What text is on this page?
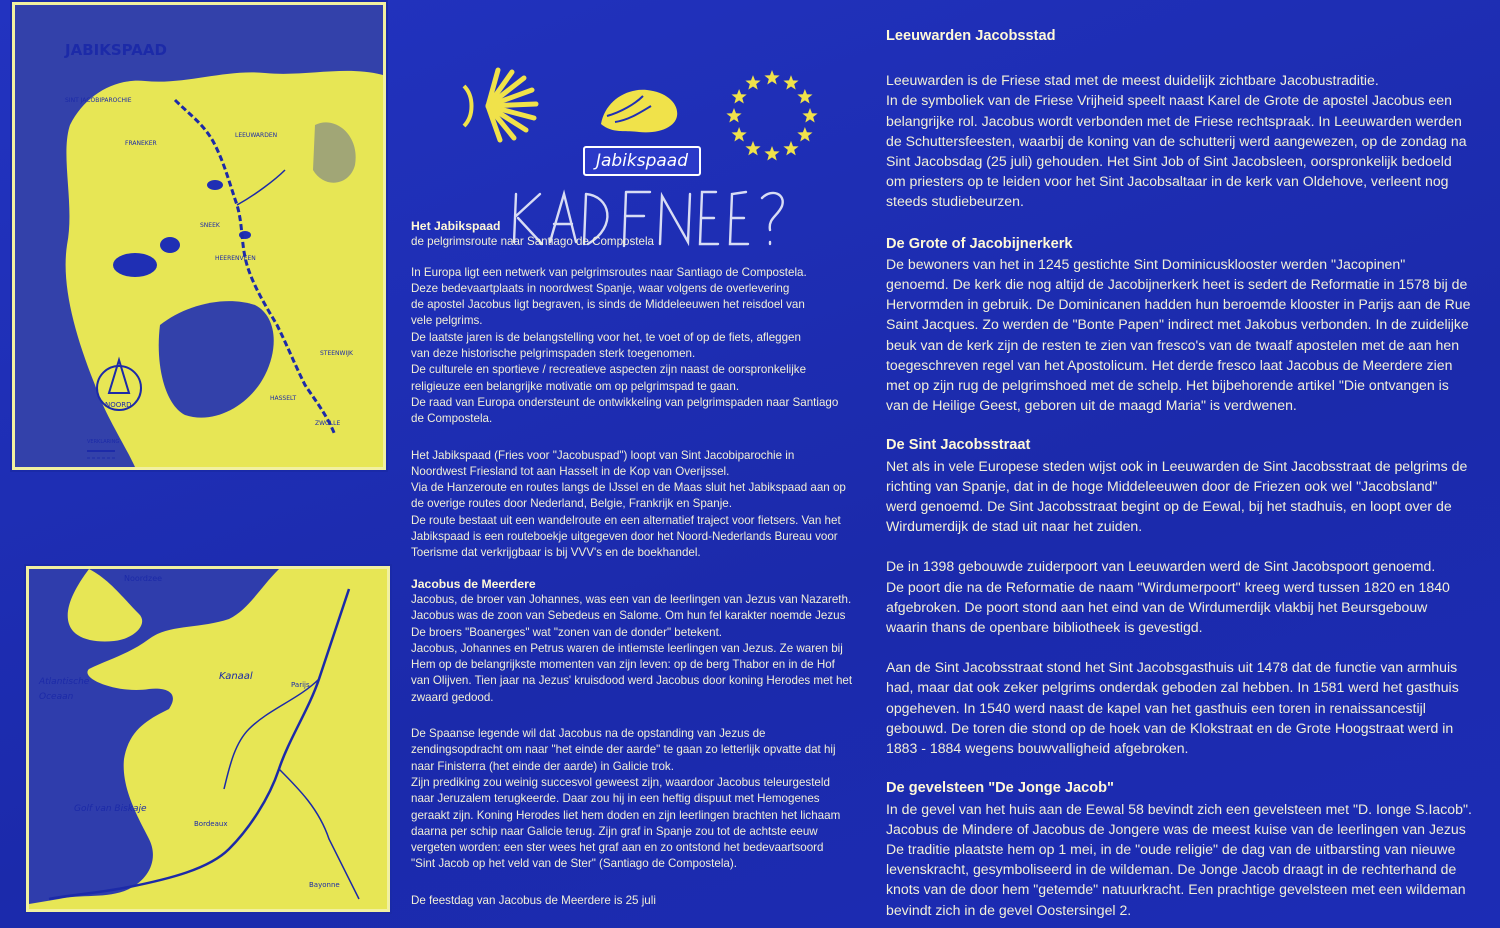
JABIKSPAAD
SINT JACOBIPAROCHIE
LEEUWARDEN
FRANEKER
SNEEK
HEERENVEEN
STEENWIJK
ZWOLLE
HASSELT
NOORD
VERKLARING
Noordzee
Kanaal
Atlantische
Oceaan
Golf van Biskaje
Parijs
Bordeaux
Bayonne
Jabikspaad

Het Jabikspaad

de pelgrimsroute naar Santiago de Compostela

In Europa ligt een netwerk van pelgrimsroutes naar Santiago de Compostela.
Deze bedevaartplaats in noordwest Spanje, waar volgens de overlevering
de apostel Jacobus ligt begraven, is sinds de Middeleeuwen het reisdoel van
vele pelgrims.
De laatste jaren is de belangstelling voor het, te voet of op de fiets, afleggen
van deze historische pelgrimspaden sterk toegenomen.
De culturele en sportieve / recreatieve aspecten zijn naast de oorspronkelijke
religieuze een belangrijke motivatie om op pelgrimspad te gaan.
De raad van Europa ondersteunt de ontwikkeling van pelgrimspaden naar Santiago
de Compostela.
Het Jabikspaad (Fries voor "Jacobuspad") loopt van Sint Jacobiparochie in
Noordwest Friesland tot aan Hasselt in de Kop van Overijssel.
Via de Hanzeroute en routes langs de IJssel en de Maas sluit het Jabikspaad aan op
de overige routes door Nederland, Belgie, Frankrijk en Spanje.
De route bestaat uit een wandelroute en een alternatief traject voor fietsers. Van het
Jabikspaad is een routeboekje uitgegeven door het Noord-Nederlands Bureau voor
Toerisme dat verkrijgbaar is bij VVV's en de boekhandel.

Jacobus de Meerdere

Jacobus, de broer van Johannes, was een van de leerlingen van Jezus van Nazareth.
Jacobus was de zoon van Sebedeus en Salome. Om hun fel karakter noemde Jezus
De broers "Boanerges" wat "zonen van de donder" betekent.
Jacobus, Johannes en Petrus waren de intiemste leerlingen van Jezus. Ze waren bij
Hem op de belangrijkste momenten van zijn leven: op de berg Thabor en in de Hof
van Olijven. Tien jaar na Jezus' kruisdood werd Jacobus door koning Herodes met het
zwaard gedood.
De Spaanse legende wil dat Jacobus na de opstanding van Jezus de
zendingsopdracht om naar "het einde der aarde" te gaan zo letterlijk opvatte dat hij
naar Finisterra (het einde der aarde) in Galicie trok.
Zijn prediking zou weinig succesvol geweest zijn, waardoor Jacobus teleurgesteld
naar Jeruzalem terugkeerde. Daar zou hij in een heftig dispuut met Hemogenes
geraakt zijn. Koning Herodes liet hem doden en zijn leerlingen brachten het lichaam
daarna per schip naar Galicie terug. Zijn graf in Spanje zou tot de achtste eeuw
vergeten worden: een ster wees het graf aan en zo ontstond het bedevaartsoord
"Sint Jacob op het veld van de Ster" (Santiago de Compostela).

De feestdag van Jacobus de Meerdere is 25 juli

Leeuwarden Jacobsstad

Leeuwarden is de Friese stad met de meest duidelijk zichtbare Jacobustraditie.
In de symboliek van de Friese Vrijheid speelt naast Karel de Grote de apostel Jacobus een
belangrijke rol. Jacobus wordt verbonden met de Friese rechtspraak. In Leeuwarden werden
de Schuttersfeesten, waarbij de koning van de schutterij werd aangewezen, op de zondag na
Sint Jacobsdag (25 juli) gehouden. Het Sint Job of Sint Jacobsleen, oorspronkelijk bedoeld
om priesters op te leiden voor het Sint Jacobsaltaar in de kerk van Oldehove, verleent nog
steeds studiebeurzen.

De Grote of Jacobijnerkerk

De bewoners van het in 1245 gestichte Sint Dominicusklooster werden "Jacopinen"
genoemd. De kerk die nog altijd de Jacobijnerkerk heet is sedert de Reformatie in 1578 bij de
Hervormden in gebruik. De Dominicanen hadden hun beroemde klooster in Parijs aan de Rue
Saint Jacques. Zo werden de "Bonte Papen" indirect met Jakobus verbonden. In de zuidelijke
beuk van de kerk zijn de resten te zien van fresco's van de twaalf apostelen met de aan hen
toegeschreven regel van het Apostolicum. Het derde fresco laat Jacobus de Meerdere zien
met op zijn rug de pelgrimshoed met de schelp. Het bijbehorende artikel "Die ontvangen is
van de Heilige Geest, geboren uit de maagd Maria" is verdwenen.

De Sint Jacobsstraat

Net als in vele Europese steden wijst ook in Leeuwarden de Sint Jacobsstraat de pelgrims de
richting van Spanje, dat in de hoge Middeleeuwen door de Friezen ook wel "Jacobsland"
werd genoemd. De Sint Jacobsstraat begint op de Eewal, bij het stadhuis, en loopt over de
Wirdumerdijk de stad uit naar het zuiden.
De in 1398 gebouwde zuiderpoort van Leeuwarden werd de Sint Jacobspoort genoemd.
De poort die na de Reformatie de naam "Wirdumerpoort" kreeg werd tussen 1820 en 1840
afgebroken. De poort stond aan het eind van de Wirdumerdijk vlakbij het Beursgebouw
waarin thans de openbare bibliotheek is gevestigd.
Aan de Sint Jacobsstraat stond het Sint Jacobsgasthuis uit 1478 dat de functie van armhuis
had, maar dat ook zeker pelgrims onderdak geboden zal hebben. In 1581 werd het gasthuis
opgeheven. In 1540 werd naast de kapel van het gasthuis een toren in renaissancestijl
gebouwd. De toren die stond op de hoek van de Klokstraat en de Grote Hoogstraat werd in
1883 - 1884 wegens bouwvalligheid afgebroken.

De gevelsteen "De Jonge Jacob"

In de gevel van het huis aan de Eewal 58 bevindt zich een gevelsteen met "D. Ionge S.Iacob".
Jacobus de Mindere of Jacobus de Jongere was de meest kuise van de leerlingen van Jezus
De traditie plaatste hem op 1 mei, in de "oude religie" de dag van de uitbarsting van nieuwe
levenskracht, gesymboliseerd in de wildeman. De Jonge Jacob draagt in de rechterhand de
knots van de door hem "getemde" natuurkracht. Een prachtige gevelsteen met een wildeman
bevindt zich in de gevel Oostersingel 2.
